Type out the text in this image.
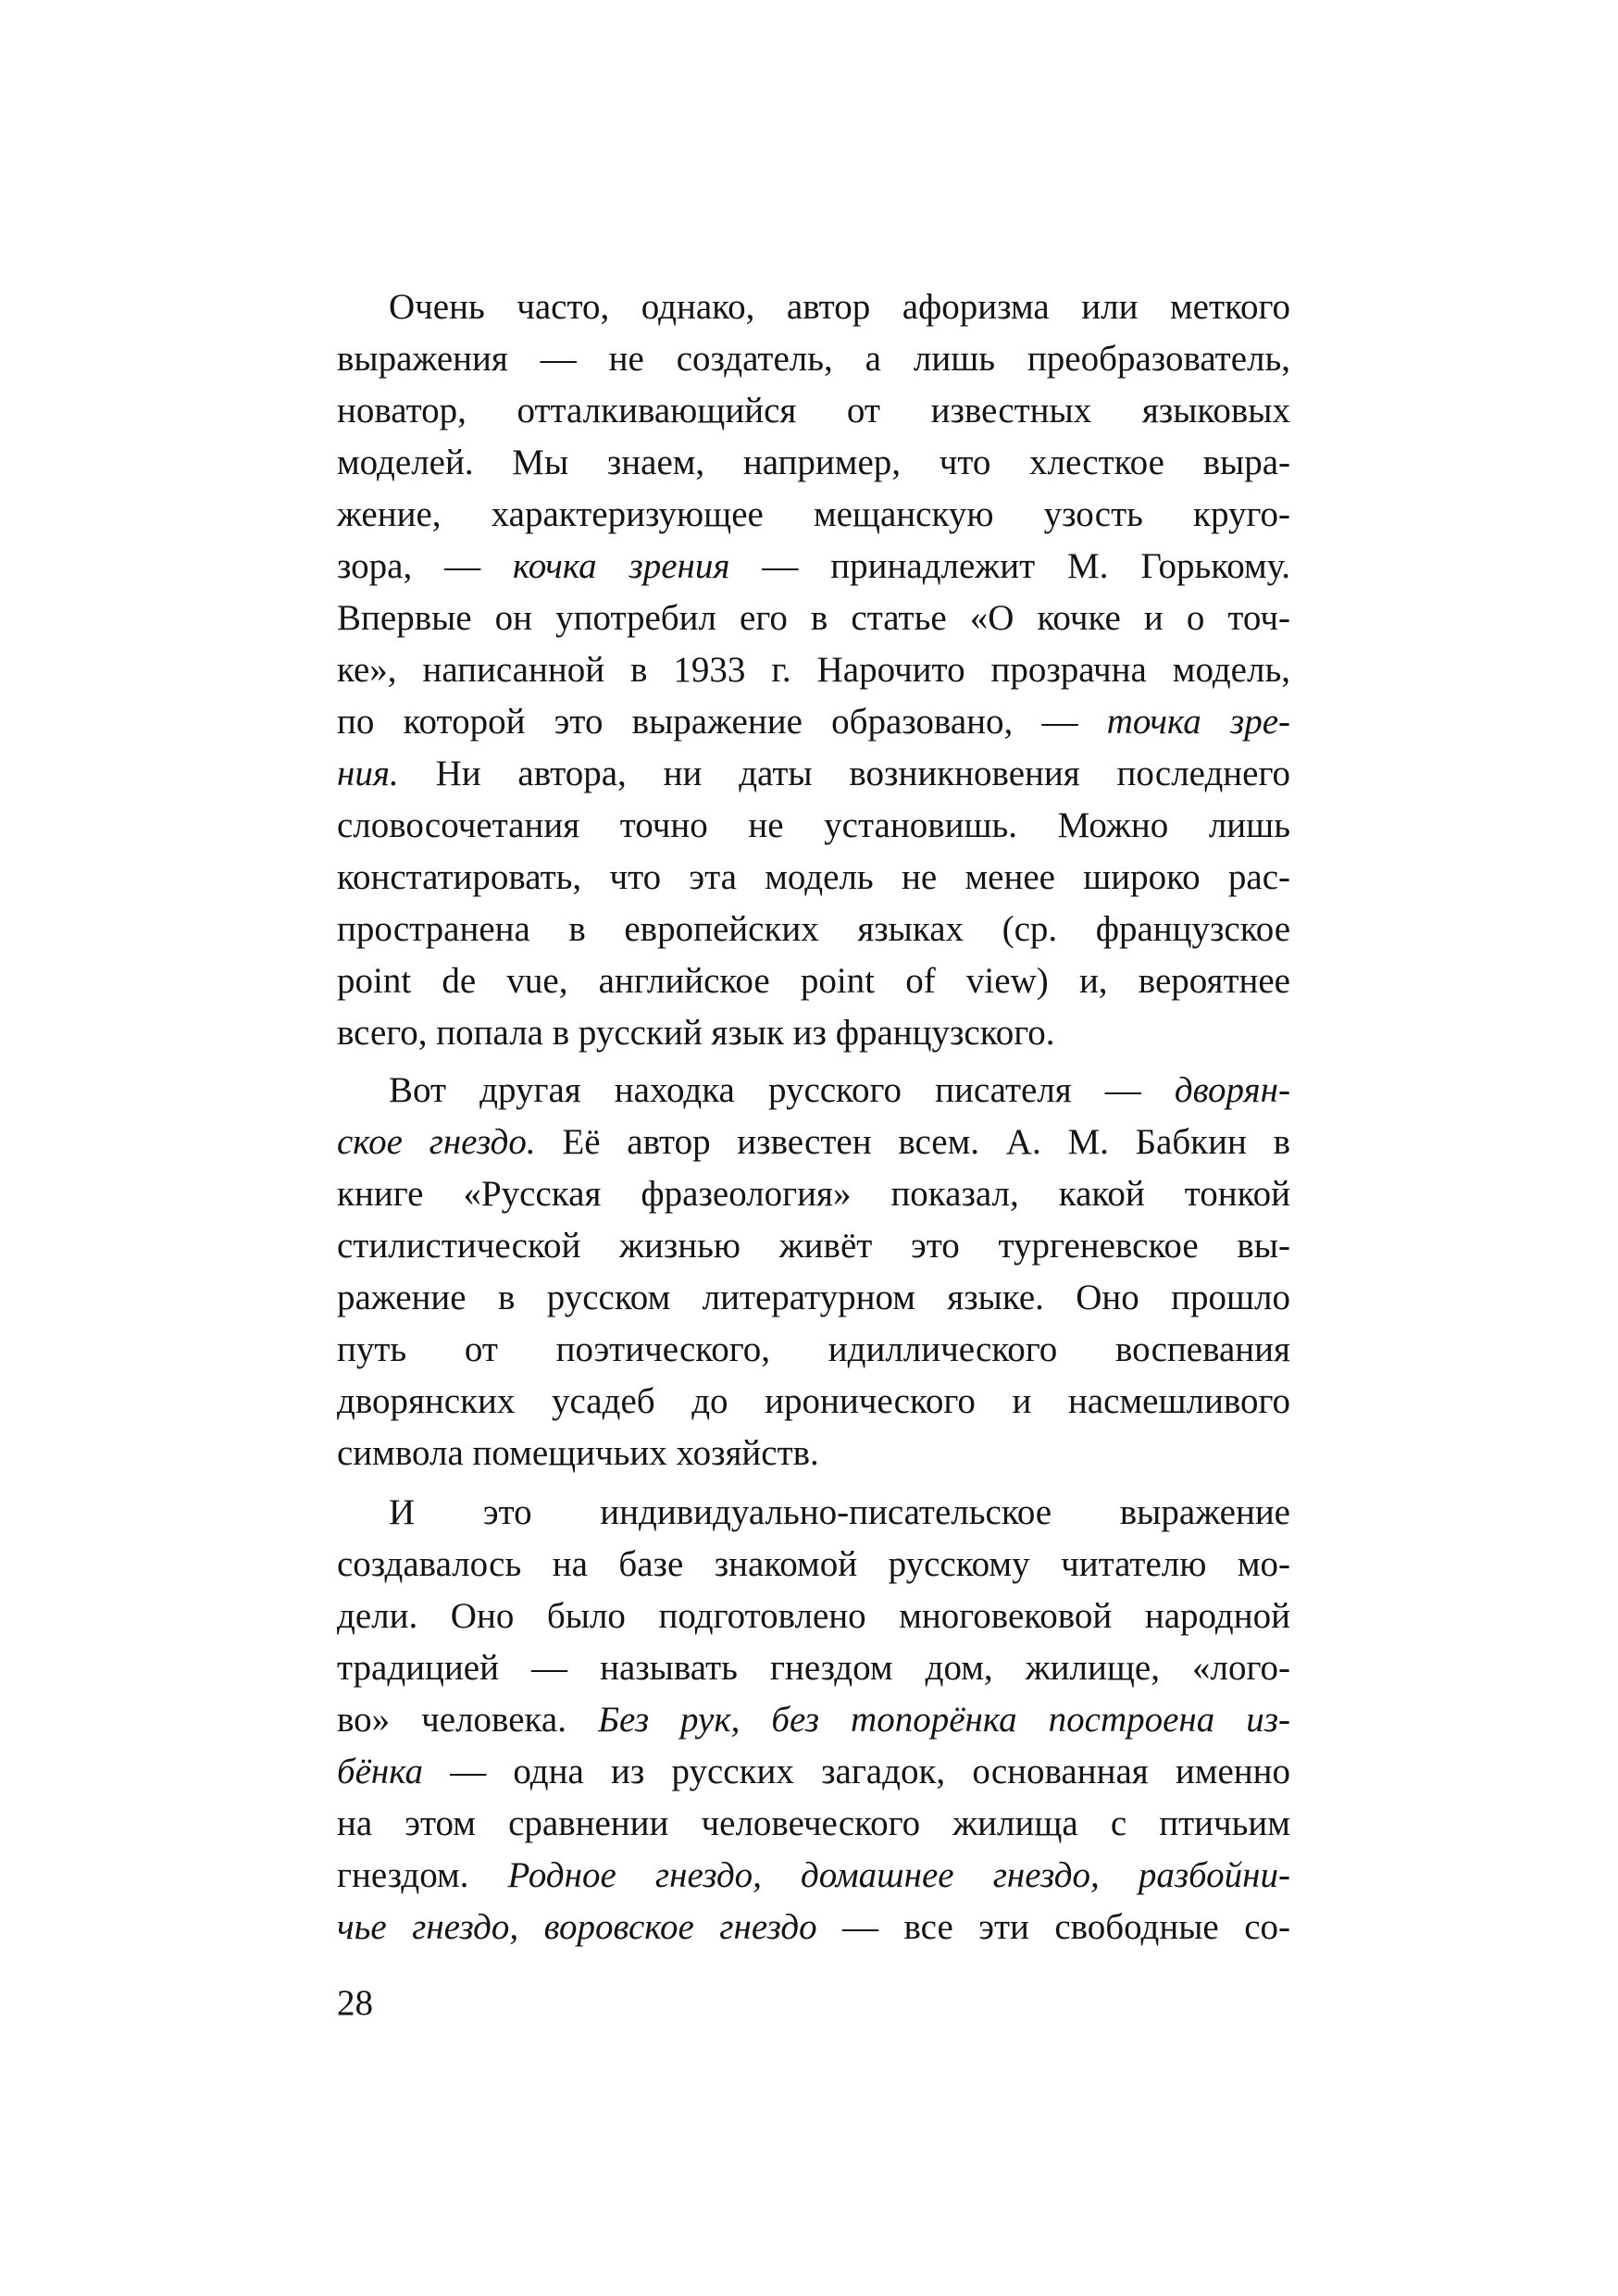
Очень часто, однако, автор афоризма или меткого
выражения — не создатель, а лишь преобразователь,
новатор, отталкивающийся от известных языковых
моделей. Мы знаем, например, что хлесткое выра-
жение, характеризующее мещанскую узость круго-
зора, — кочка зрения — принадлежит М. Горькому.
Впервые он употребил его в статье «О кочке и о точ-
ке», написанной в 1933 г. Нарочито прозрачна модель,
по которой это выражение образовано, — точка зре-
ния. Ни автора, ни даты возникновения последнего
словосочетания точно не установишь. Можно лишь
констатировать, что эта модель не менее широко рас-
пространена в европейских языках (ср. французское
point de vue, английское point of view) и, вероятнее
всего, попала в русский язык из французского.
Вот другая находка русского писателя — дворян-
ское гнездо. Её автор известен всем. А. М. Бабкин в
книге «Русская фразеология» показал, какой тонкой
стилистической жизнью живёт это тургеневское вы-
ражение в русском литературном языке. Оно прошло
путь от поэтического, идиллического воспевания
дворянских усадеб до иронического и насмешливого
символа помещичьих хозяйств.
И это индивидуально-писательское выражение
создавалось на базе знакомой русскому читателю мо-
дели. Оно было подготовлено многовековой народной
традицией — называть гнездом дом, жилище, «лого-
во» человека. Без рук, без топорёнка построена из-
бёнка — одна из русских загадок, основанная именно
на этом сравнении человеческого жилища с птичьим
гнездом. Родное гнездо, домашнее гнездо, разбойни-
чье гнездо, воровское гнездо — все эти свободные со-
28
